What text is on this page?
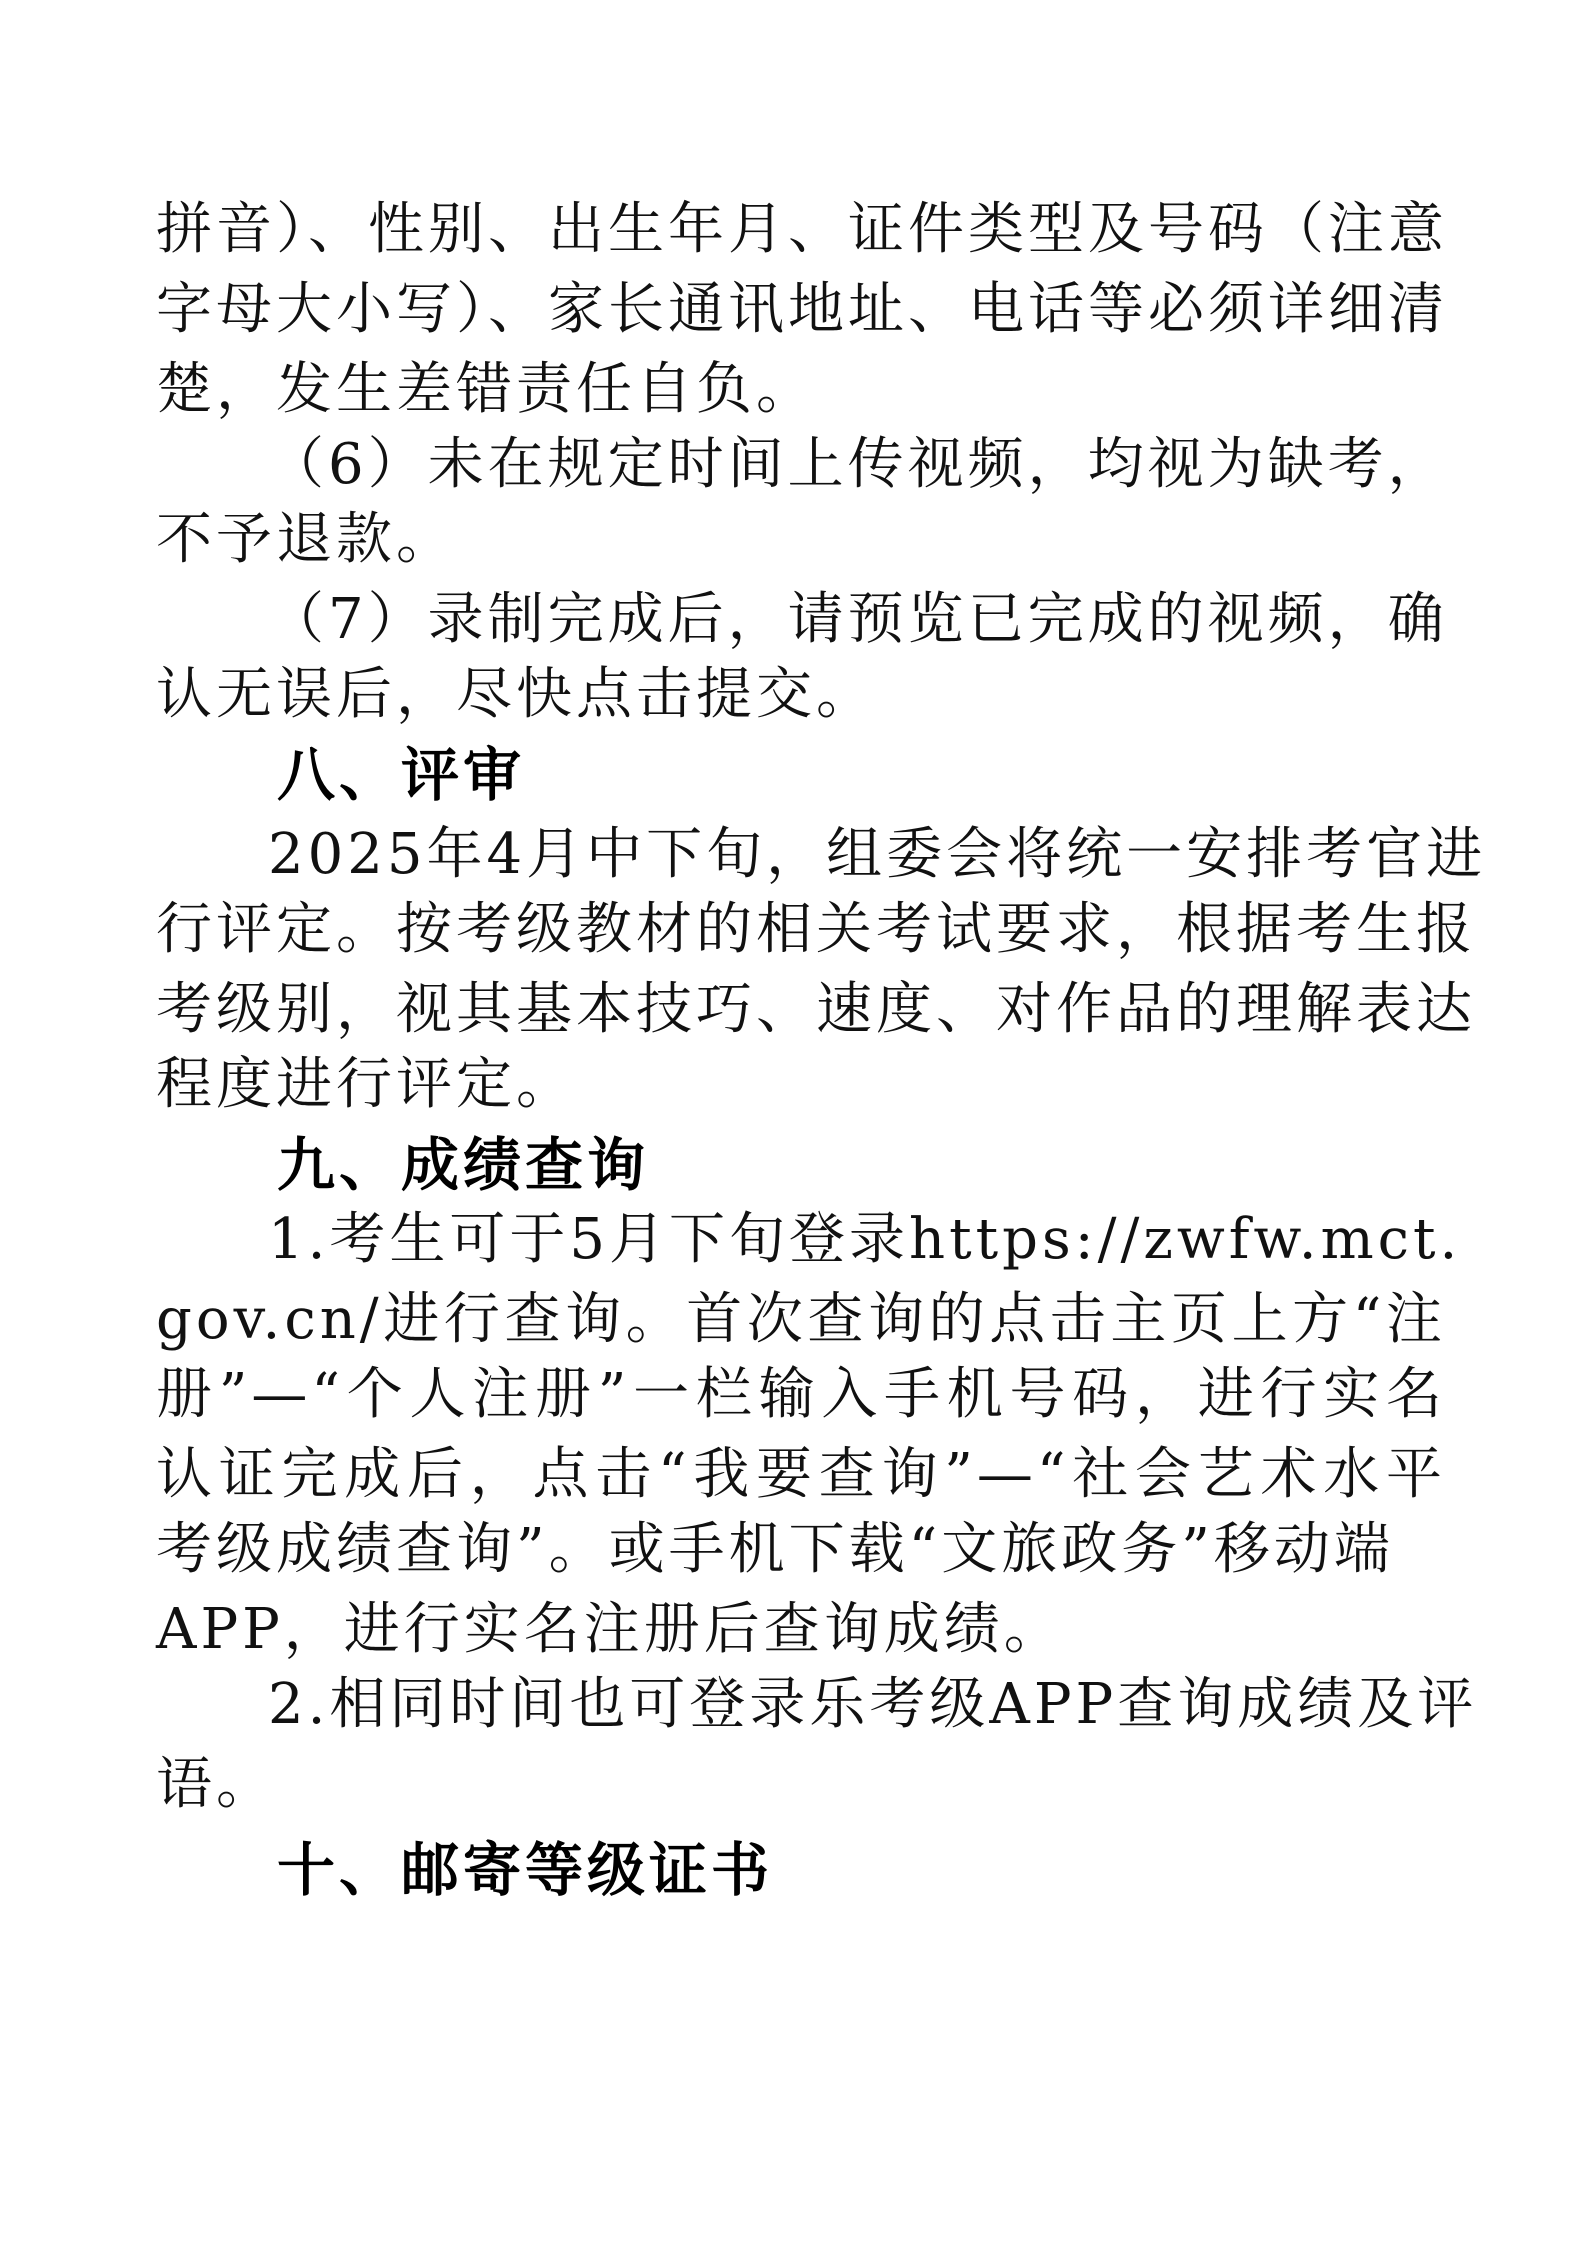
拼音）、性别、出生年月、证件类型及号码（注意
字母大小写）、家长通讯地址、电话等必须详细清
楚，发生差错责任自负。
（6）未在规定时间上传视频，均视为缺考，
不予退款。
（7）录制完成后，请预览已完成的视频，确
认无误后，尽快点击提交。
八、评审
2025年4月中下旬，组委会将统一安排考官进
行评定。按考级教材的相关考试要求，根据考生报
考级别，视其基本技巧、速度、对作品的理解表达
程度进行评定。
九、成绩查询
1.考生可于5月下旬登录https://zwfw.mct.
gov.cn/进行查询。首次查询的点击主页上方“注
册”—“个人注册”一栏输入手机号码，进行实名
认证完成后，点击“我要查询”—“社会艺术水平
考级成绩查询”。或手机下载“文旅政务”移动端
APP，进行实名注册后查询成绩。
2.相同时间也可登录乐考级APP查询成绩及评
语。
十、邮寄等级证书
